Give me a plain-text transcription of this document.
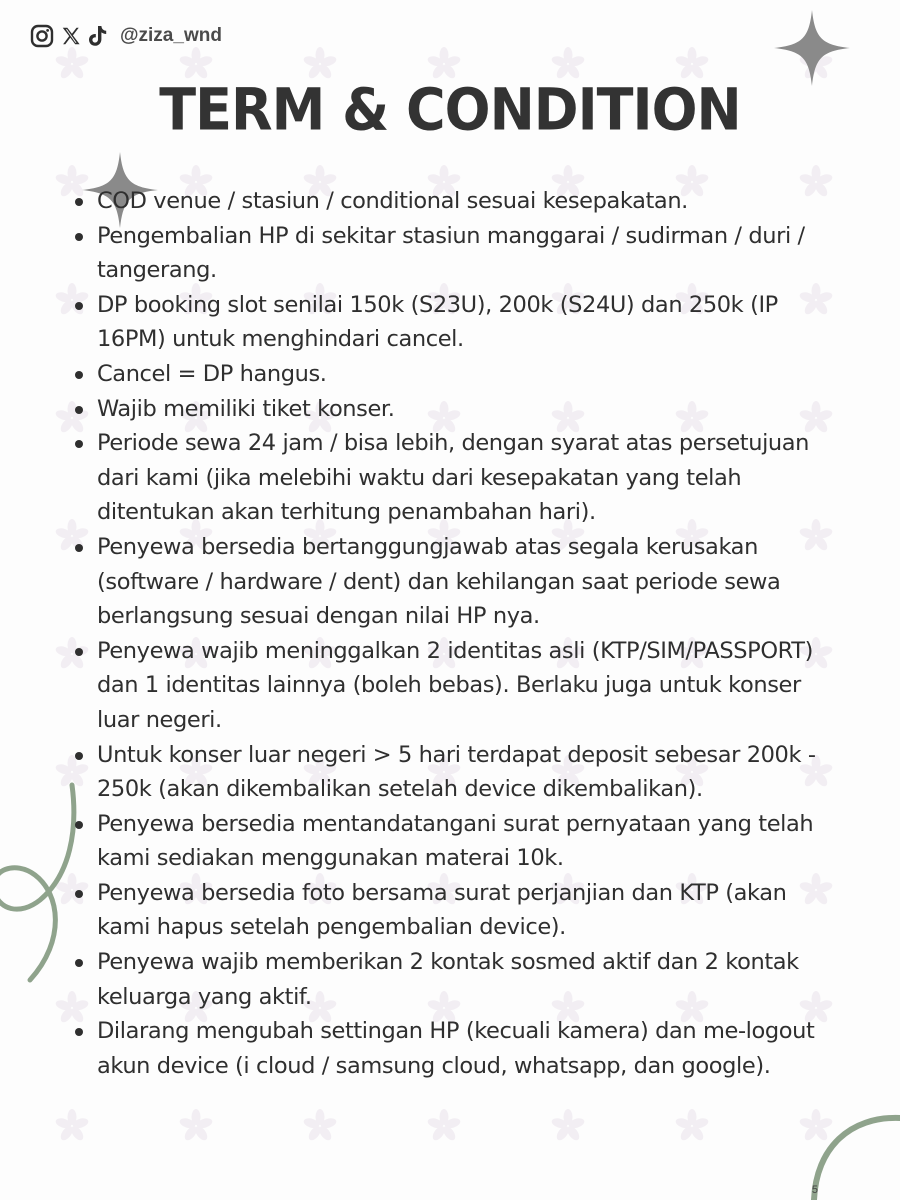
@ziza_wnd
TERM & CONDITION
COD venue / stasiun / conditional sesuai kesepakatan.
Pengembalian HP di sekitar stasiun manggarai / sudirman / duri / tangerang.
DP booking slot senilai 150k (S23U), 200k (S24U) dan 250k (IP 16PM) untuk menghindari cancel.
Cancel = DP hangus.
Wajib memiliki tiket konser.
Periode sewa 24 jam / bisa lebih, dengan syarat atas persetujuan dari kami (jika melebihi waktu dari kesepakatan yang telah ditentukan akan terhitung penambahan hari).
Penyewa bersedia bertanggungjawab atas segala kerusakan (software / hardware / dent) dan kehilangan saat periode sewa berlangsung sesuai dengan nilai HP nya.
Penyewa wajib meninggalkan 2 identitas asli (KTP/SIM/PASSPORT) dan 1 identitas lainnya (boleh bebas). Berlaku juga untuk konser luar negeri.
Untuk konser luar negeri > 5 hari terdapat deposit sebesar 200k - 250k (akan dikembalikan setelah device dikembalikan).
Penyewa bersedia mentandatangani surat pernyataan yang telah kami sediakan menggunakan materai 10k.
Penyewa bersedia foto bersama surat perjanjian dan KTP (akan kami hapus setelah pengembalian device).
Penyewa wajib memberikan 2 kontak sosmed aktif dan 2 kontak keluarga yang aktif.
Dilarang mengubah settingan HP (kecuali kamera) dan me-logout akun device (i cloud / samsung cloud, whatsapp, dan google).
5
